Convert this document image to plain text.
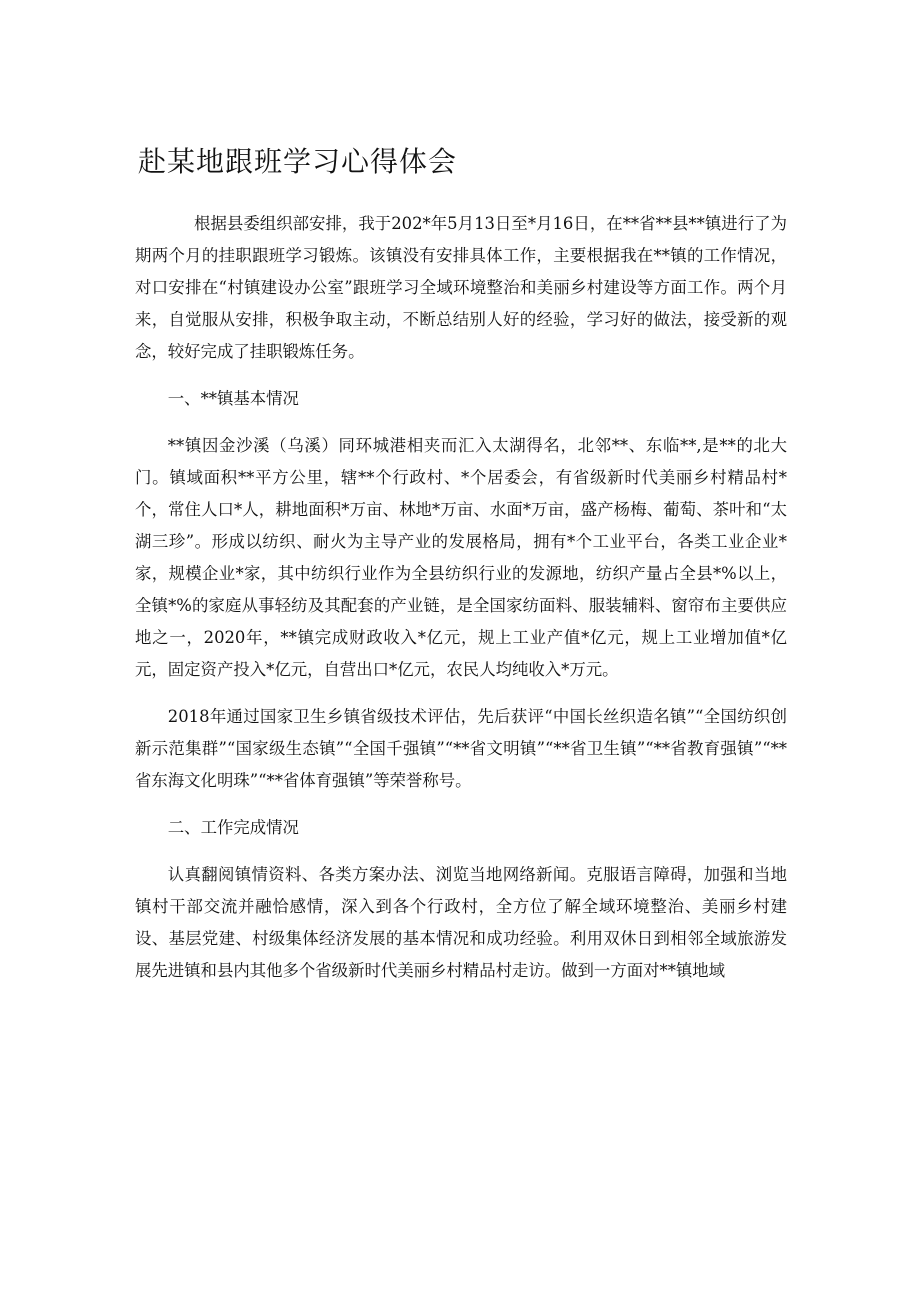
赴某地跟班学习心得体会

根据县委组织部安排，我于202*年5月13日至*月16日，在**省**县**镇进行了为期两个月的挂职跟班学习锻炼。该镇没有安排具体工作，主要根据我在**镇的工作情况，对口安排在“村镇建设办公室”跟班学习全域环境整治和美丽乡村建设等方面工作。两个月来，自觉服从安排，积极争取主动，不断总结别人好的经验，学习好的做法，接受新的观念，较好完成了挂职锻炼任务。

一、**镇基本情况

**镇因金沙溪（乌溪）同环城港相夹而汇入太湖得名，北邻**、东临**,是**的北大门。镇域面积**平方公里，辖**个行政村、*个居委会，有省级新时代美丽乡村精品村*个，常住人口*人，耕地面积*万亩、林地*万亩、水面*万亩，盛产杨梅、葡萄、茶叶和“太湖三珍”。形成以纺织、耐火为主导产业的发展格局，拥有*个工业平台，各类工业企业*家，规模企业*家，其中纺织行业作为全县纺织行业的发源地，纺织产量占全县*%以上，全镇*%的家庭从事轻纺及其配套的产业链，是全国家纺面料、服装辅料、窗帘布主要供应地之一，2020年，**镇完成财政收入*亿元，规上工业产值*亿元，规上工业增加值*亿元，固定资产投入*亿元，自营出口*亿元，农民人均纯收入*万元。

2018年通过国家卫生乡镇省级技术评估，先后获评“中国长丝织造名镇”“全国纺织创新示范集群”“国家级生态镇”“全国千强镇”“**省文明镇”“**省卫生镇”“**省教育强镇”“**省东海文化明珠”“**省体育强镇”等荣誉称号。

二、工作完成情况

认真翻阅镇情资料、各类方案办法、浏览当地网络新闻。克服语言障碍，加强和当地镇村干部交流并融恰感情，深入到各个行政村，全方位了解全域环境整治、美丽乡村建设、基层党建、村级集体经济发展的基本情况和成功经验。利用双休日到相邻全域旅游发展先进镇和县内其他多个省级新时代美丽乡村精品村走访。做到一方面对**镇地域
